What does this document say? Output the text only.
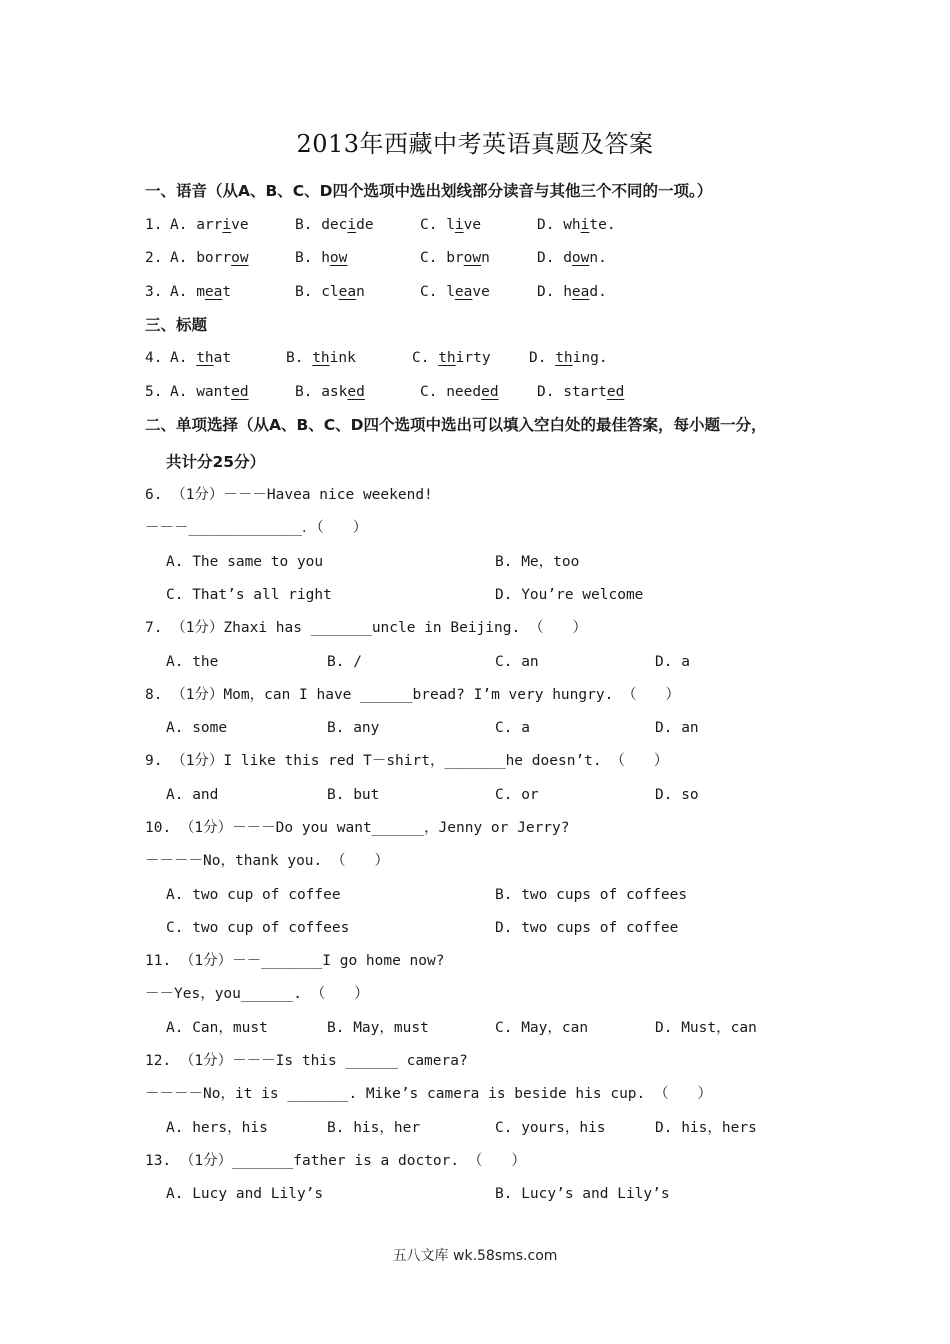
2013年西藏中考英语真题及答案

一、语音（从A、B、C、D四个选项中选出划线部分读音与其他三个不同的一项。）

1.

A. arrive

	B. decide

	C. live

	D. white.

2.

A. borrow

	B. how

	C. brown

	D. down.

3.

A. meat

	B. clean

	C. leave

	D. head.

三、标题

4.

A. that

	B. think

	C. thirty

	D. thing.

5.

A. wanted

	B. asked

	C. needed

	D. started

二、单项选择（从A、B、C、D四个选项中选出可以填入空白处的最佳答案，每小题一分，

共计分25分）

6. （1分）－－－Havea nice weekend!

－－－_____________．（　　）

A. The same to you

	B. Me，too

C. That’s all right

	D. You’re welcome

7. （1分）Zhaxi has _______uncle in Beijing. （　　）

A. the

	B. /

	C. an

	D. a

8. （1分）Mom，can I have ______bread? I’m very hungry. （　　）

A. some

	B. any

	C. a

	D. an

9. （1分）I like this red T－shirt，_______he doesn’t. （　　）

A. and

	B. but

	C. or

	D. so

10. （1分）－－－Do you want______，Jenny or Jerry?

－－－－No，thank you. （　　）

A. two cup of coffee

	B. two cups of coffees

C. two cup of coffees

	D. two cups of coffee

11. （1分）－－_______I go home now?

－－Yes，you______. （　　）

A. Can，must

	B. May，must

	C. May，can

	D. Must，can

12. （1分）－－－Is this ______ camera?

－－－－No，it is _______. Mike’s camera is beside his cup. （　　）

A. hers，his

	B. his，her

	C. yours，his

	D. his，hers

13. （1分）_______father is a doctor. （　　）

A. Lucy and Lily’s

	B. Lucy’s and Lily’s

五八文库 wk.58sms.com
